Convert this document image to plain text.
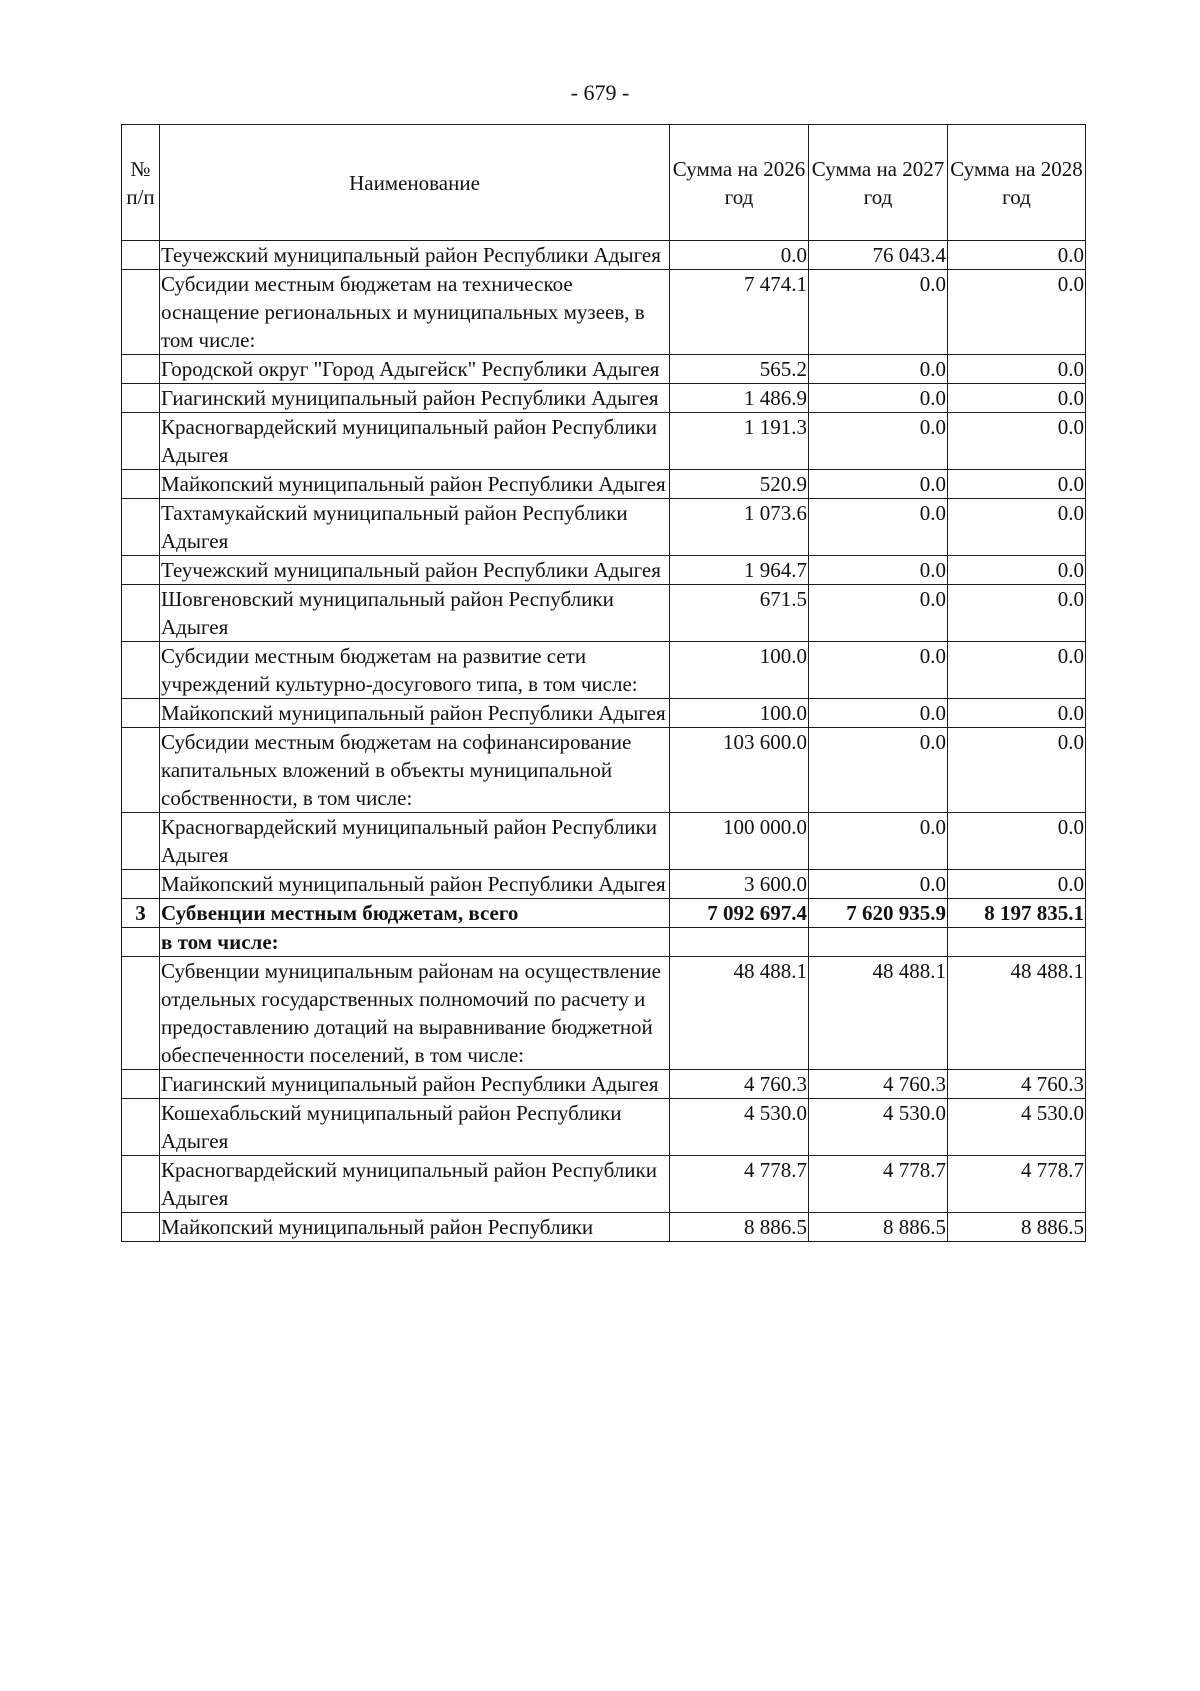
- 679 -
№ п/п	Наименование	Сумма на 2026 год	Сумма на 2027 год	Сумма на 2028 год
	Теучежский муниципальный район Республики Адыгея	0.0	76 043.4	0.0
	Субсидии местным бюджетам на техническое оснащение региональных и муниципальных музеев, в том числе:	7 474.1	0.0	0.0
	Городской округ "Город Адыгейск" Республики Адыгея	565.2	0.0	0.0
	Гиагинский муниципальный район Республики Адыгея	1 486.9	0.0	0.0
	Красногвардейский муниципальный район Республики Адыгея	1 191.3	0.0	0.0
	Майкопский муниципальный район Республики Адыгея	520.9	0.0	0.0
	Тахтамукайский муниципальный район Республики Адыгея	1 073.6	0.0	0.0
	Теучежский муниципальный район Республики Адыгея	1 964.7	0.0	0.0
	Шовгеновский муниципальный район Республики Адыгея	671.5	0.0	0.0
	Субсидии местным бюджетам на развитие сети учреждений культурно-досугового типа, в том числе:	100.0	0.0	0.0
	Майкопский муниципальный район Республики Адыгея	100.0	0.0	0.0
	Субсидии местным бюджетам на софинансирование капитальных вложений в объекты муниципальной собственности, в том числе:	103 600.0	0.0	0.0
	Красногвардейский муниципальный район Республики Адыгея	100 000.0	0.0	0.0
	Майкопский муниципальный район Республики Адыгея	3 600.0	0.0	0.0
3	Субвенции местным бюджетам, всего	7 092 697.4	7 620 935.9	8 197 835.1
	в том числе:			
	Субвенции муниципальным районам на осуществление отдельных государственных полномочий по расчету и предоставлению дотаций на выравнивание бюджетной обеспеченности поселений, в том числе:	48 488.1	48 488.1	48 488.1
	Гиагинский муниципальный район Республики Адыгея	4 760.3	4 760.3	4 760.3
	Кошехабльский муниципальный район Республики Адыгея	4 530.0	4 530.0	4 530.0
	Красногвардейский муниципальный район Республики Адыгея	4 778.7	4 778.7	4 778.7
	Майкопский муниципальный район Республики	8 886.5	8 886.5	8 886.5
